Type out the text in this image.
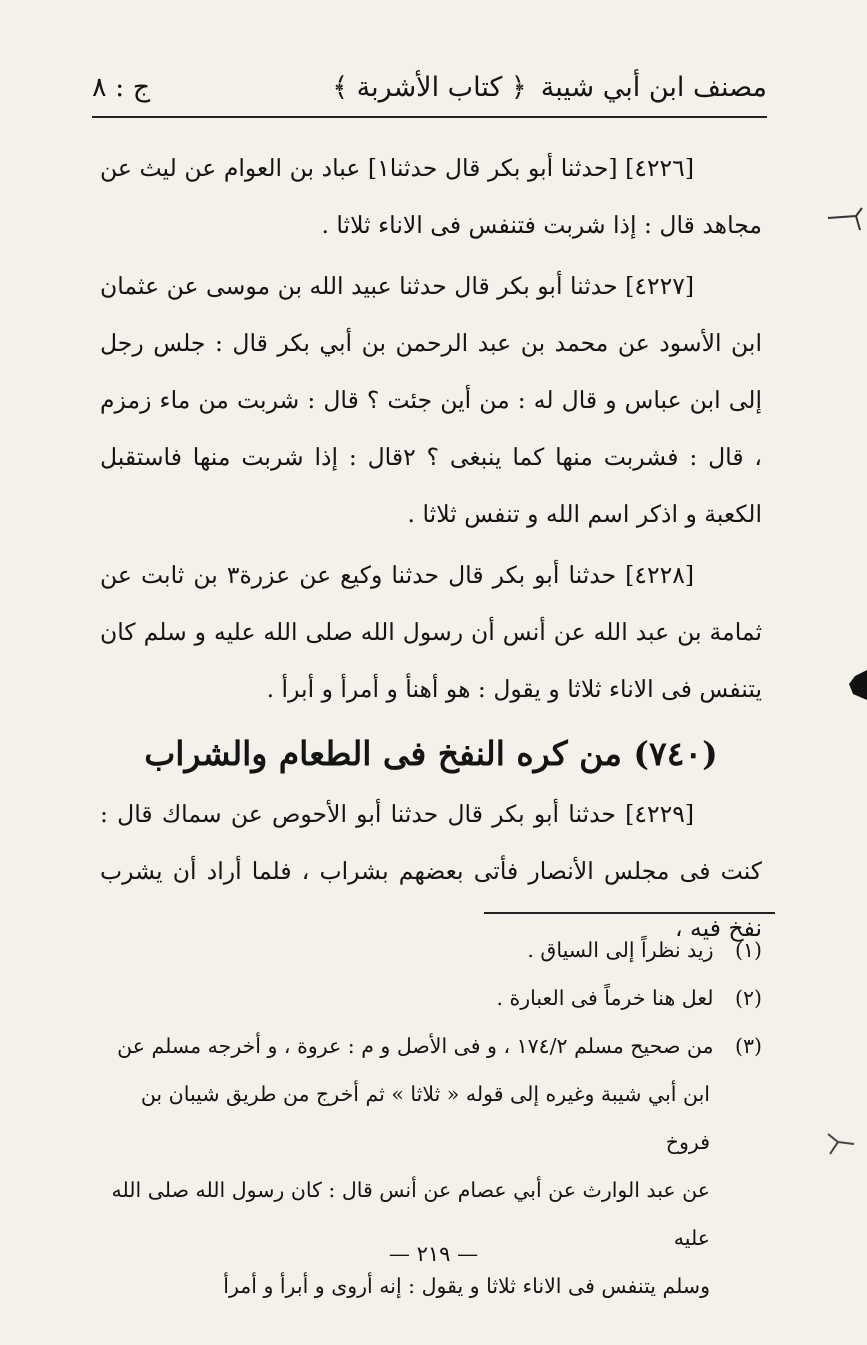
مصنف ابن أبي شيبة
﴿ كتاب الأشربة ﴾
ج : ٨

[٤٢٢٦] [حدثنا أبو بكر قال حدثنا١] عباد بن العوام عن ليث عن مجاهد قال : إذا شربت فتنفس فى الاناء ثلاثا .

[٤٢٢٧] حدثنا أبو بكر قال حدثنا عبيد الله بن موسى عن عثمان ابن الأسود عن محمد بن عبد الرحمن بن أبي بكر قال : جلس رجل إلى ابن عباس و قال له : من أين جئت ؟ قال : شربت من ماء زمزم ، قال : فشربت منها كما ينبغى ؟ ٢قال : إذا شربت منها فاستقبل الكعبة و اذكر اسم الله و تنفس ثلاثا .

[٤٢٢٨] حدثنا أبو بكر قال حدثنا وكيع عن عزرة٣ بن ثابت عن ثمامة بن عبد الله عن أنس أن رسول الله صلى الله عليه و سلم كان يتنفس فى الاناء ثلاثا و يقول : هو أهنأ و أمرأ و أبرأ .

(٧٤٠) من كره النفخ فى الطعام والشراب

[٤٢٢٩] حدثنا أبو بكر قال حدثنا أبو الأحوص عن سماك قال : كنت فى مجلس الأنصار فأتى بعضهم بشراب ، فلما أراد أن يشرب نفخ فيه ،

(١) زيد نظراً إلى السياق .

(٢) لعل هنا خرماً فى العبارة .

(٣) من صحيح مسلم ١٧٤/٢ ، و فى الأصل و م : عروة ، و أخرجه مسلم عن

ابن أبي شيبة وغيره إلى قوله « ثلاثا » ثم أخرج من طريق شيبان بن فروخ

عن عبد الوارث عن أبي عصام عن أنس قال : كان رسول الله صلى الله عليه

وسلم يتنفس فى الاناء ثلاثا و يقول : إنه أروى و أبرأ و أمرأ

— ٢١٩ —
